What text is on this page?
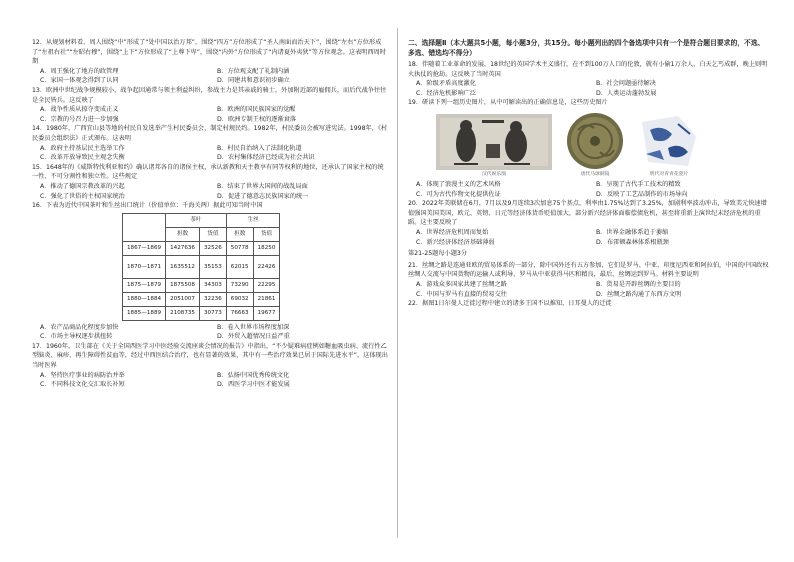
12．从规划材料看，周人围绕“中”形成了“处中国以治万邦”，围绕“四方”方位形成了“圣人南面而治天下”，围绕“左右”方位形成了“左祖右社”“左昭右穆”，围绕“上下”方位形成了“上尊下卑”，围绕“内外”方位形成了“内诸夏外夷狄”等方位观念。这表明西周时期

A．周王强化了地方的政管理	B．方位观支配了礼制内涵
C．家国一体观念得到了认同	D．同建共和意识初步确立

13．欧洲中世纪战争规模较小，战争起因通常与领主利益纠纷，参战主力是其亲戚的骑士，外加附近部的雇佣兵，而后代战争往往是全民皆兵。这反映了

A．战争性质从掠夺变成正义	B．欧洲的国民族国家的觉醒
C．宗教的号召力进一步加强	D．欧洲专制王权的逐渐衰落

14．1980年，广西宜山县等地的村民自发选举产生村民委员会，制定村规民约。1982年，村民委员会被写进宪法。1998年，《村民委员会组织法》正式颁布。这表明

A．政府主持基层民主选举工作	B．村民自治纳入了法制化轨道
C．改革开放导致民主观念失衡	D．农村集体经济已经成为社会共识

15．1648年的《威斯特伐利亚和约》确认诸邦各自的诸侯主权，承认新教和天主教享有同等权利的地位，还承认了国家主权的统一性、不可分割性和独立性。这些规定

A．推动了德国宗教改革的兴起	B．结束了世界大国间的战乱局面
C．强化了世俗的主权国家统治	D．促进了德意志民族国家的统一

16．下表为近代中国茶叶和生丝出口统计（价值单位：千海关两）据此可知当时中国

	茶叶		生丝	
	担数	货值	担数	货值
1867—1869	1427636	32526	50778	18250
1870—1871	1635512	35153	62015	22426
1875—1879	1875508	34303	73290	22295
1880—1884	2051007	32236	69032	21861
1885—1889	2108735	30773	76663	19677
A．农产品商品化程度步加快	B．卷入世界市场程度加深
C．市场主导权逐步拱扭转	D．外贸入超情况日益严重

17．1960年，卫生部在《关于全国西医学习中医经验交流座谈会情况的报告》中指出，“不少疑难病症例如糖血吸虫病、流行性乙型脑炎、麻疹、再生障碍性贫血等，经过中西医结合治疗，也有显著的效果，其中有一些治疗效果已居于国际先进水平”。这体现出当时医界

A．坚持医疗事业的病防治并举	B．弘扬中国优秀传统文化
C．不同科技文化交汇取长补短	D．西医学习中医才能发展

二、选择题Ⅱ（本大题共5小题，每小题3分，共15分。每小题列出的四个备选项中只有一个是符合题目要求的，不选、多选、错选均不得分）

18．伴随着工业革命的发展，18世纪的英国学术主义盛行，在不到100万人口的伦敦，就有小偷1万余人，白天乞丐成群，晚上则明火执仗的抢劫。这反映了当时英国

A．阶级矛盾高度激化	B．社会问题亟待解决
C．经济危机影响广泛	D．人类运动蓬勃发展

19．研读下列一组历史图片，从中可解读出的正确信息是，这些历史图片

汉代娱乐图	唐代马球铜镜	明代对青青花瓷片
A．体现了浪漫主义的艺术风格	B．呈现了古代手工技术的精致
C．可为古代作物文化提供佐证	D．反映了工艺品制作的市场导向

20．2022年美联储在6月，7月以及9月连续3次加息75个基点，利率由1.75%达到了3.25%，加剧利率波动冲击，导致美元快速增值强国美国美国，欧元、英镑、日元等经济体货币贬值加大，部分新兴经济体面临偿债危机，甚至将重新上演世纪末经济危机的重蹈。这主要反映了

A．世界经济危机周而复始	B．世界金融体系趋于萎缩
C．新兴经济体经济基础薄弱	D．布雷顿森林体系根瓶颈

第21-25题每小题3分

21．丝绸之路是连通亚欧的贸易体系的一部分，除中国外还有五方参加，它们是罗马、中亚、印度尼西亚和阿拉伯，中国的中国政权丝绸人交流与中国货物的运输人或利导，罗马从中亚获得马匹和精良，最后，丝绸运到罗马。材料主要说明

A．游戏众多国家共建了丝绸之路	B．货易是开辟丝绸的主要目的
C．中国与罗马有直接的贸易交往	D．丝绸之路沟通了东西方文明

22．据图1日尔曼人迁徙过程中建立的诸多王国不以推知，日耳曼人的迁徙
